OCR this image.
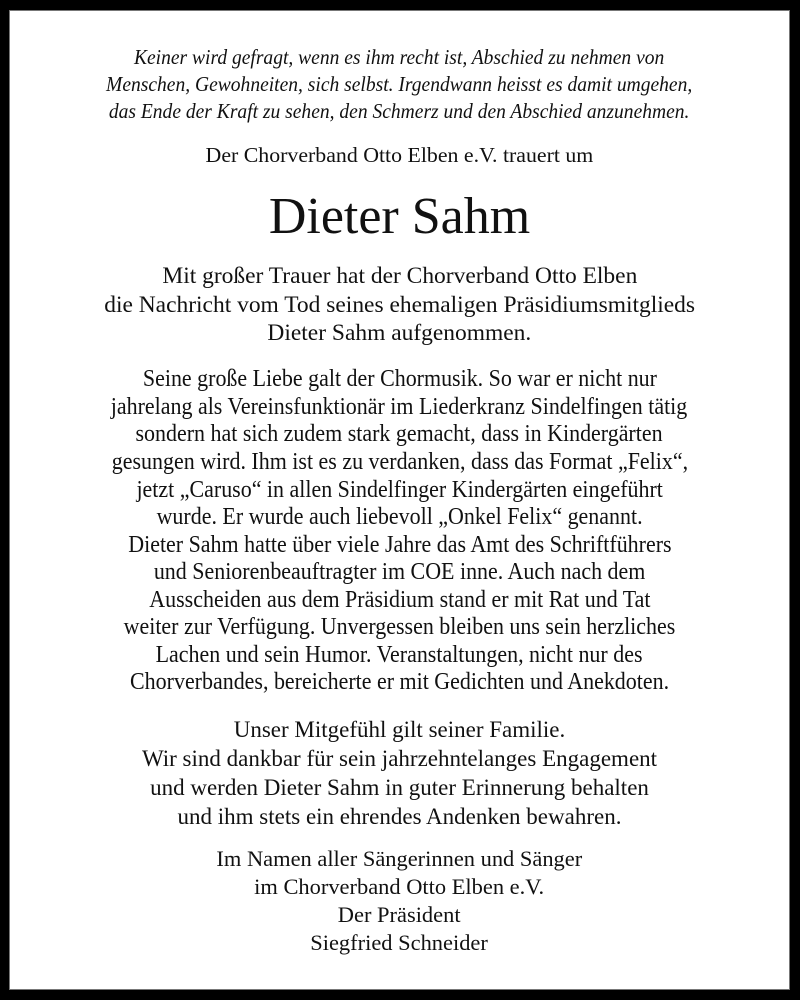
Keiner wird gefragt, wenn es ihm recht ist, Abschied zu nehmen von
Menschen, Gewohneiten, sich selbst. Irgendwann heisst es damit umgehen,
das Ende der Kraft zu sehen, den Schmerz und den Abschied anzunehmen.
Der Chorverband Otto Elben e.V. trauert um
Dieter Sahm
Mit großer Trauer hat der Chorverband Otto Elben
die Nachricht vom Tod seines ehemaligen Präsidiumsmitglieds
Dieter Sahm aufgenommen.
Seine große Liebe galt der Chormusik. So war er nicht nur
jahrelang als Vereinsfunktionär im Liederkranz Sindelfingen tätig
sondern hat sich zudem stark gemacht, dass in Kindergärten
gesungen wird. Ihm ist es zu verdanken, dass das Format „Felix“,
jetzt „Caruso“ in allen Sindelfinger Kindergärten eingeführt
wurde. Er wurde auch liebevoll „Onkel Felix“ genannt.
Dieter Sahm hatte über viele Jahre das Amt des Schriftführers
und Seniorenbeauftragter im COE inne. Auch nach dem
Ausscheiden aus dem Präsidium stand er mit Rat und Tat
weiter zur Verfügung. Unvergessen bleiben uns sein herzliches
Lachen und sein Humor. Veranstaltungen, nicht nur des
Chorverbandes, bereicherte er mit Gedichten und Anekdoten.
Unser Mitgefühl gilt seiner Familie.
Wir sind dankbar für sein jahrzehntelanges Engagement
und werden Dieter Sahm in guter Erinnerung behalten
und ihm stets ein ehrendes Andenken bewahren.
Im Namen aller Sängerinnen und Sänger
im Chorverband Otto Elben e.V.
Der Präsident
Siegfried Schneider
